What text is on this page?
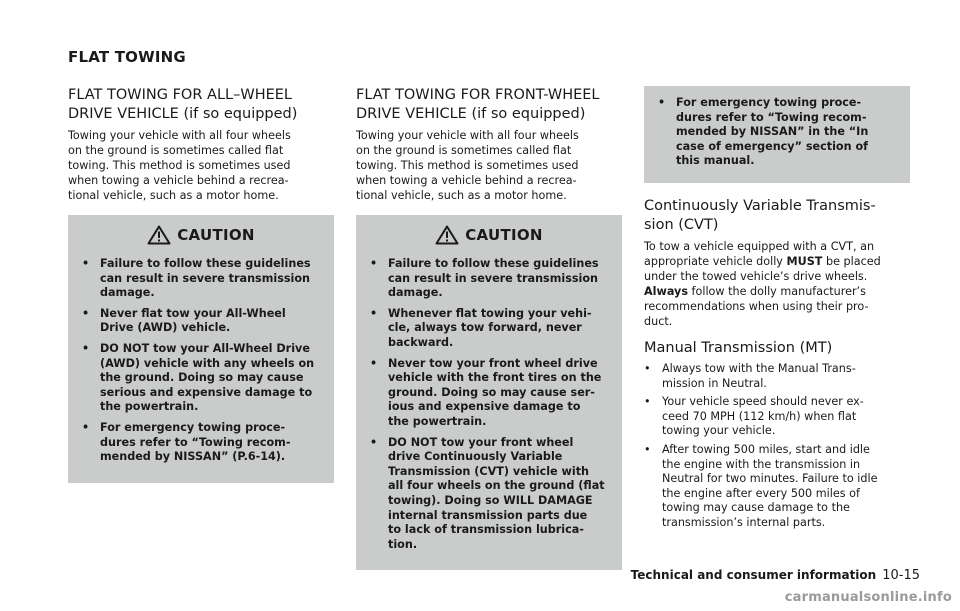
FLAT TOWING
FLAT TOWING FOR ALL–WHEEL
DRIVE VEHICLE (if so equipped)

Towing your vehicle with all four wheels
on the ground is sometimes called flat
towing. This method is sometimes used
when towing a vehicle behind a recrea-
tional vehicle, such as a motor home.

CAUTION
• Failure to follow these guidelines
can result in severe transmission
damage.
• Never flat tow your All-Wheel
Drive (AWD) vehicle.
• DO NOT tow your All-Wheel Drive
(AWD) vehicle with any wheels on
the ground. Doing so may cause
serious and expensive damage to
the powertrain.
• For emergency towing proce-
dures refer to “Towing recom-
mended by NISSAN” (P.6-14).
FLAT TOWING FOR FRONT-WHEEL
DRIVE VEHICLE (if so equipped)

Towing your vehicle with all four wheels
on the ground is sometimes called flat
towing. This method is sometimes used
when towing a vehicle behind a recrea-
tional vehicle, such as a motor home.

CAUTION
• Failure to follow these guidelines
can result in severe transmission
damage.
• Whenever flat towing your vehi-
cle, always tow forward, never
backward.
• Never tow your front wheel drive
vehicle with the front tires on the
ground. Doing so may cause ser-
ious and expensive damage to
the powertrain.
• DO NOT tow your front wheel
drive Continuously Variable
Transmission (CVT) vehicle with
all four wheels on the ground (flat
towing). Doing so WILL DAMAGE
internal transmission parts due
to lack of transmission lubrica-
tion.
• For emergency towing proce-
dures refer to “Towing recom-
mended by NISSAN” in the “In
case of emergency” section of
this manual.
Continuously Variable Transmis-
sion (CVT)

To tow a vehicle equipped with a CVT, an
appropriate vehicle dolly MUST be placed
under the towed vehicle’s drive wheels.
Always follow the dolly manufacturer’s
recommendations when using their pro-
duct.

Manual Transmission (MT)
• Always tow with the Manual Trans-
mission in Neutral.
• Your vehicle speed should never ex-
ceed 70 MPH (112 km/h) when flat
towing your vehicle.
• After towing 500 miles, start and idle
the engine with the transmission in
Neutral for two minutes. Failure to idle
the engine after every 500 miles of
towing may cause damage to the
transmission’s internal parts.
Technical and consumer information 10-15
carmanualsonline.info
